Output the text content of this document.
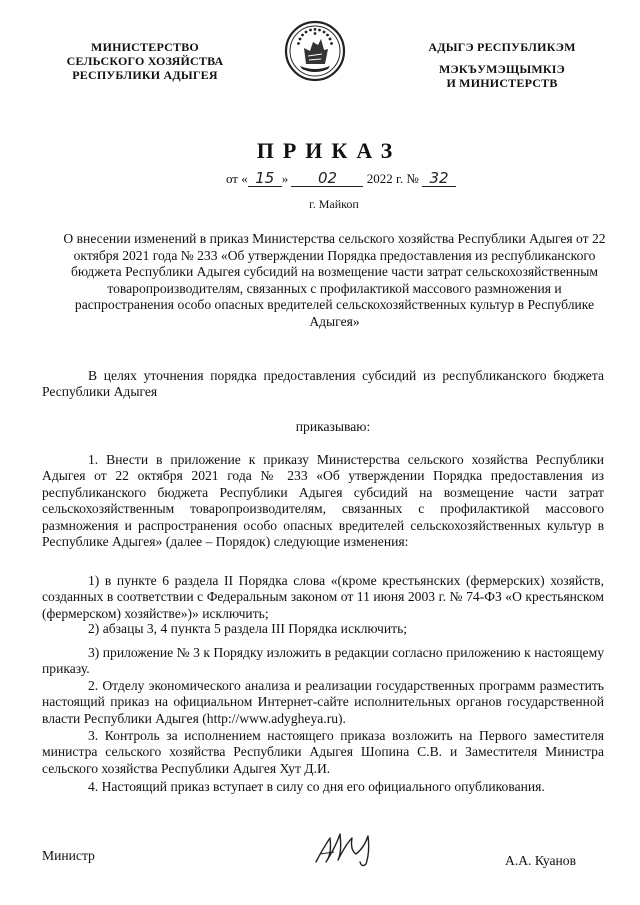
МИНИСТЕРСТВО
СЕЛЬСКОГО ХОЗЯЙСТВА
РЕСПУБЛИКИ АДЫГЕЯ
АДЫГЭ РЕСПУБЛИКЭМ
МЭКЪУМЭЩЫМКIЭ
И МИНИСТЕРСТВ
ПРИКАЗ
от « 15 » 02 2022 г. № 32
г. Майкоп
О внесении изменений в приказ Министерства сельского хозяйства Республики Адыгея от 22 октября 2021 года № 233 «Об утверждении Порядка предоставления из республиканского бюджета Республики Адыгея субсидий на возмещение части затрат сельскохозяйственным товаропроизводителям, связанных с профилактикой массового размножения и распространения особо опасных вредителей сельскохозяйственных культур в Республике Адыгея»
В целях уточнения порядка предоставления субсидий из республиканского бюджета Республики Адыгея
приказываю:
1. Внести в приложение к приказу Министерства сельского хозяйства Республики Адыгея от 22 октября 2021 года № 233 «Об утверждении Порядка предоставления из республиканского бюджета Республики Адыгея субсидий на возмещение части затрат сельскохозяйственным товаропроизводителям, связанных с профилактикой массового размножения и распространения особо опасных вредителей сельскохозяйственных культур в Республике Адыгея» (далее – Порядок) следующие изменения:
1) в пункте 6 раздела II Порядка слова «(кроме крестьянских (фермерских) хозяйств, созданных в соответствии с Федеральным законом от 11 июня 2003 г. № 74-ФЗ «О крестьянском (фермерском) хозяйстве»)» исключить;
2) абзацы 3, 4 пункта 5 раздела III Порядка исключить;
3) приложение № 3 к Порядку изложить в редакции согласно приложению к настоящему приказу.
2. Отделу экономического анализа и реализации государственных программ разместить настоящий приказ на официальном Интернет-сайте исполнительных органов государственной власти Республики Адыгея (http://www.adygheya.ru).
3. Контроль за исполнением настоящего приказа возложить на Первого заместителя министра сельского хозяйства Республики Адыгея Шопина С.В. и Заместителя Министра сельского хозяйства Республики Адыгея Хут Д.И.
4. Настоящий приказ вступает в силу со дня его официального опубликования.
Министр	А.А. Куанов
